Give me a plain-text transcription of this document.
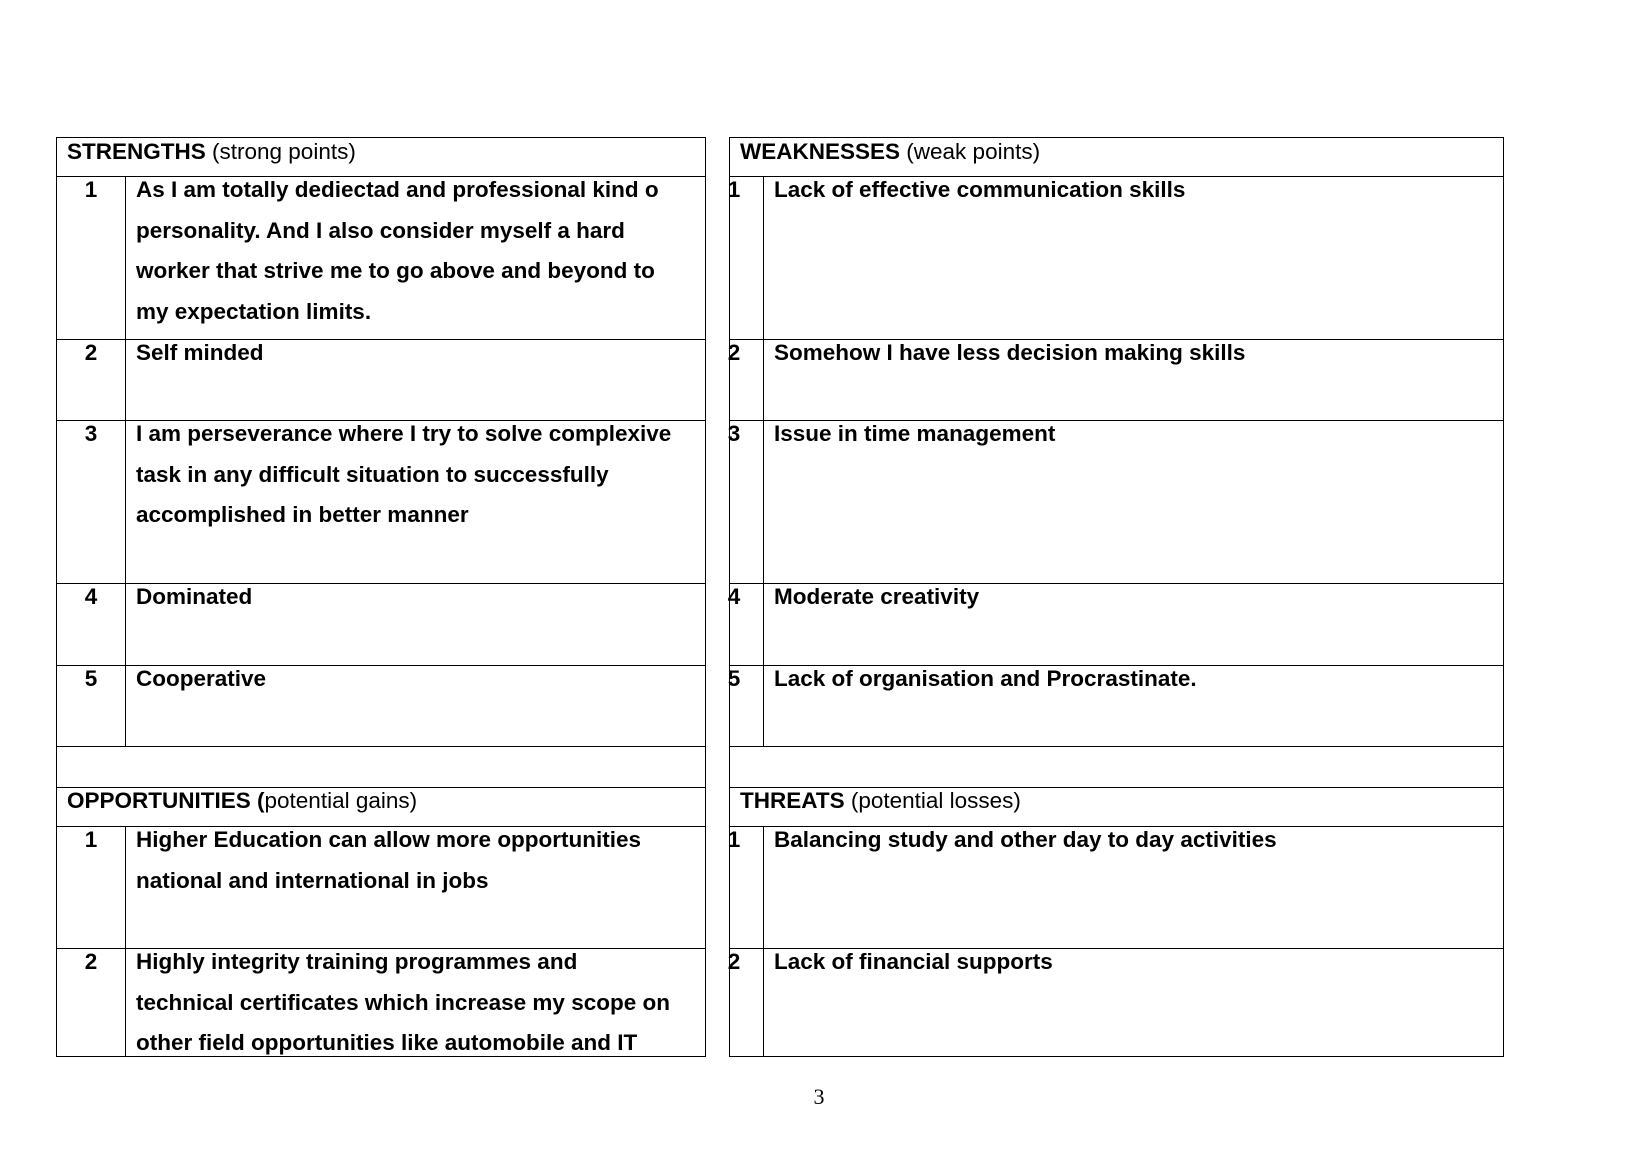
STRENGTHS (strong points)
1	As I am totally dediectad and professional kind o
personality. And I also consider myself a hard
worker that strive me to go above and beyond to
my expectation limits.
2	Self minded
3	I am perseverance where I try to solve complexive
task in any difficult situation to successfully
accomplished in better manner
4	Dominated
5	Cooperative
WEAKNESSES (weak points)
1	Lack of effective communication skills
2	Somehow I have less decision making skills
3	Issue in time management
4	Moderate creativity
5	Lack of organisation and Procrastinate.
OPPORTUNITIES (potential gains)
1	Higher Education can allow more opportunities
national and international in jobs
2	Highly integrity training programmes and
technical certificates which increase my scope on
other field opportunities like automobile and IT
THREATS (potential losses)
1	Balancing study and other day to day activities
2	Lack of financial supports
3
